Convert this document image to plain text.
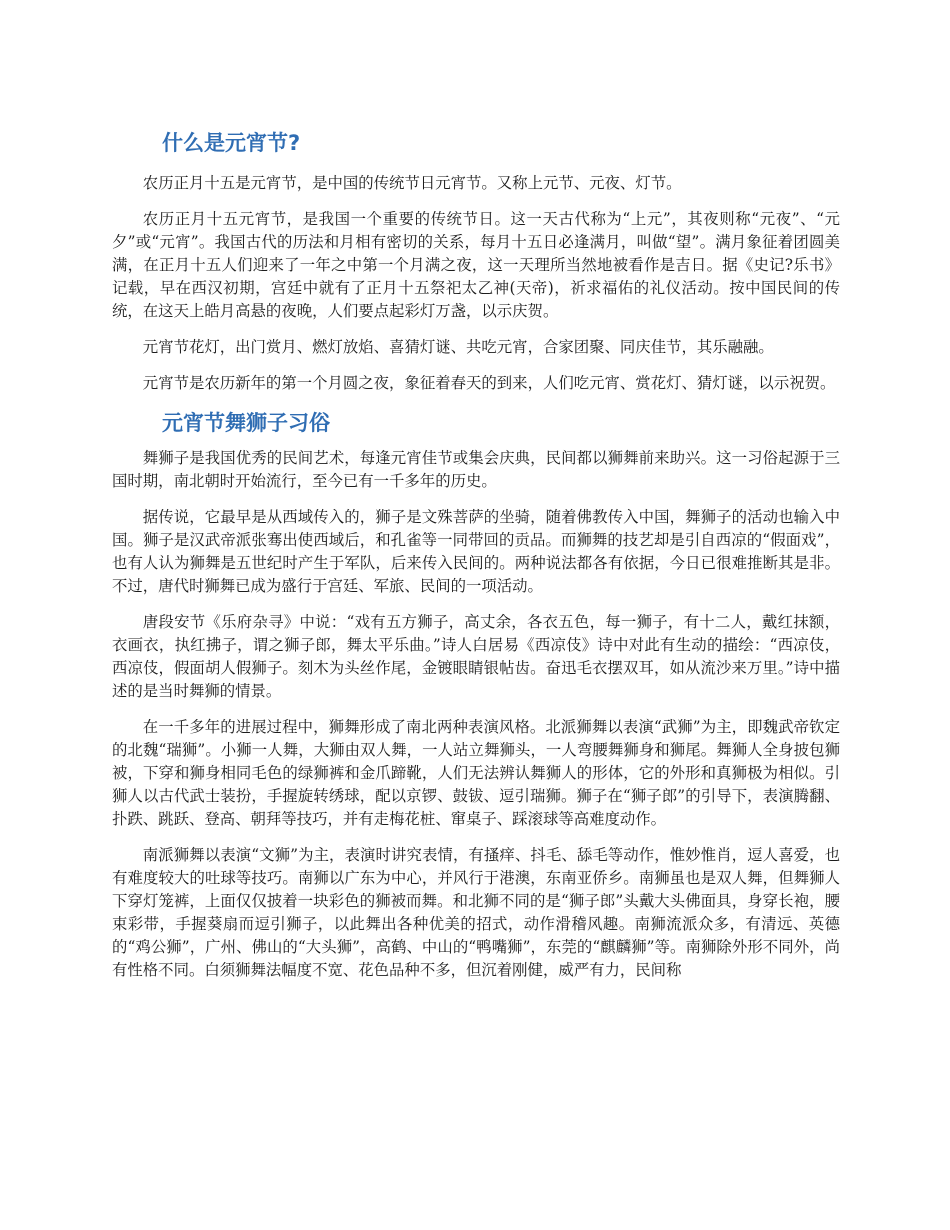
什么是元宵节?

农历正月十五是元宵节，是中国的传统节日元宵节。又称上元节、元夜、灯节。

农历正月十五元宵节，是我国一个重要的传统节日。这一天古代称为“上元”，其夜则称“元夜”、“元夕”或“元宵”。我国古代的历法和月相有密切的关系，每月十五日必逢满月，叫做“望”。满月象征着团圆美满，在正月十五人们迎来了一年之中第一个月满之夜，这一天理所当然地被看作是吉日。据《史记?乐书》记载，早在西汉初期，宫廷中就有了正月十五祭祀太乙神(天帝)，祈求福佑的礼仪活动。按中国民间的传统，在这天上皓月高悬的夜晚，人们要点起彩灯万盏，以示庆贺。

元宵节花灯，出门赏月、燃灯放焰、喜猜灯谜、共吃元宵，合家团聚、同庆佳节，其乐融融。

元宵节是农历新年的第一个月圆之夜，象征着春天的到来，人们吃元宵、赏花灯、猜灯谜，以示祝贺。

元宵节舞狮子习俗

舞狮子是我国优秀的民间艺术，每逢元宵佳节或集会庆典，民间都以狮舞前来助兴。这一习俗起源于三国时期，南北朝时开始流行，至今已有一千多年的历史。

据传说，它最早是从西域传入的，狮子是文殊菩萨的坐骑，随着佛教传入中国，舞狮子的活动也输入中国。狮子是汉武帝派张骞出使西域后，和孔雀等一同带回的贡品。而狮舞的技艺却是引自西凉的“假面戏”，也有人认为狮舞是五世纪时产生于军队，后来传入民间的。两种说法都各有依据，今日已很难推断其是非。不过，唐代时狮舞已成为盛行于宫廷、军旅、民间的一项活动。

唐段安节《乐府杂寻》中说：“戏有五方狮子，高丈余，各衣五色，每一狮子，有十二人，戴红抹额，衣画衣，执红拂子，谓之狮子郎，舞太平乐曲。”诗人白居易《西凉伎》诗中对此有生动的描绘：“西凉伎，西凉伎，假面胡人假狮子。刻木为头丝作尾，金镀眼睛银帖齿。奋迅毛衣摆双耳，如从流沙来万里。”诗中描述的是当时舞狮的情景。

在一千多年的进展过程中，狮舞形成了南北两种表演风格。北派狮舞以表演“武狮”为主，即魏武帝钦定的北魏“瑞狮”。小狮一人舞，大狮由双人舞，一人站立舞狮头，一人弯腰舞狮身和狮尾。舞狮人全身披包狮被，下穿和狮身相同毛色的绿狮裤和金爪蹄靴，人们无法辨认舞狮人的形体，它的外形和真狮极为相似。引狮人以古代武士装扮，手握旋转绣球，配以京锣、鼓钹、逗引瑞狮。狮子在“狮子郎”的引导下，表演腾翻、扑跌、跳跃、登高、朝拜等技巧，并有走梅花桩、窜桌子、踩滚球等高难度动作。

南派狮舞以表演“文狮”为主，表演时讲究表情，有搔痒、抖毛、舔毛等动作，惟妙惟肖，逗人喜爱，也有难度较大的吐球等技巧。南狮以广东为中心，并风行于港澳，东南亚侨乡。南狮虽也是双人舞，但舞狮人下穿灯笼裤，上面仅仅披着一块彩色的狮被而舞。和北狮不同的是“狮子郎”头戴大头佛面具，身穿长袍，腰束彩带，手握葵扇而逗引狮子，以此舞出各种优美的招式，动作滑稽风趣。南狮流派众多，有清远、英德的“鸡公狮”，广州、佛山的“大头狮”，高鹤、中山的“鸭嘴狮”，东莞的“麒麟狮”等。南狮除外形不同外，尚有性格不同。白须狮舞法幅度不宽、花色品种不多，但沉着刚健，威严有力，民间称
